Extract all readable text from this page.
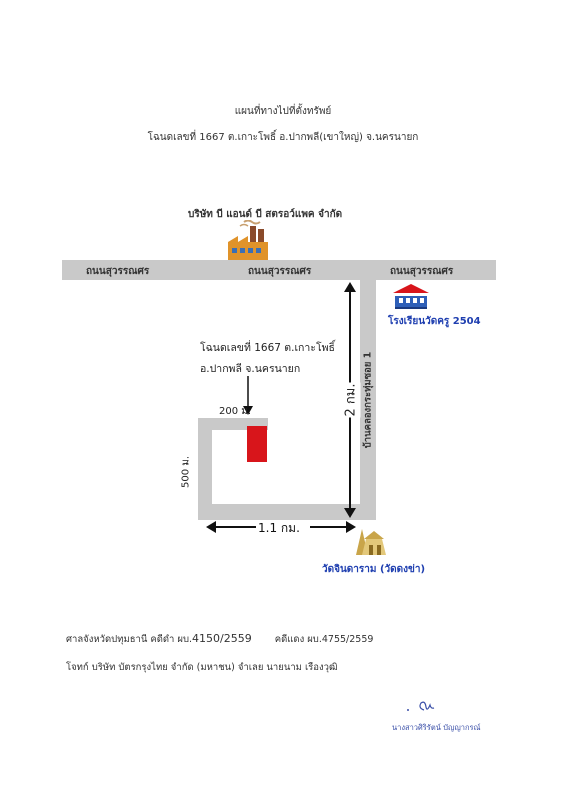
แผนที่ทางไปที่ตั้งทรัพย์
โฉนดเลขที่ 1667 ต.เกาะโพธิ์ อ.ปากพลี(เขาใหญ่) จ.นครนายก
บริษัท บี แอนด์ บี สตรอว์แพค จำกัด
ถนนสุวรรณศร	ถนนสุวรรณศร	ถนนสุวรรณศร
บ้านคลองกระทุ่มซอย 1
โฉนดเลขที่ 1667 ต.เกาะโพธิ์
อ.ปากพลี จ.นครนายก
200 ม.
500 ม.
2 กม.
1.1 กม.
โรงเรียนวัดครู 2504
วัดจินดาราม (วัดดงข่า)
ศาลจังหวัดปทุมธานี คดีดำ ผบ.4150/2559 คดีแดง ผบ.4755/2559
โจทก์ บริษัท บัตรกรุงไทย จำกัด (มหาชน) จำเลย นายนาม เรืองวุฒิ
นางสาวศิริรัตน์ บัญญากรณ์
